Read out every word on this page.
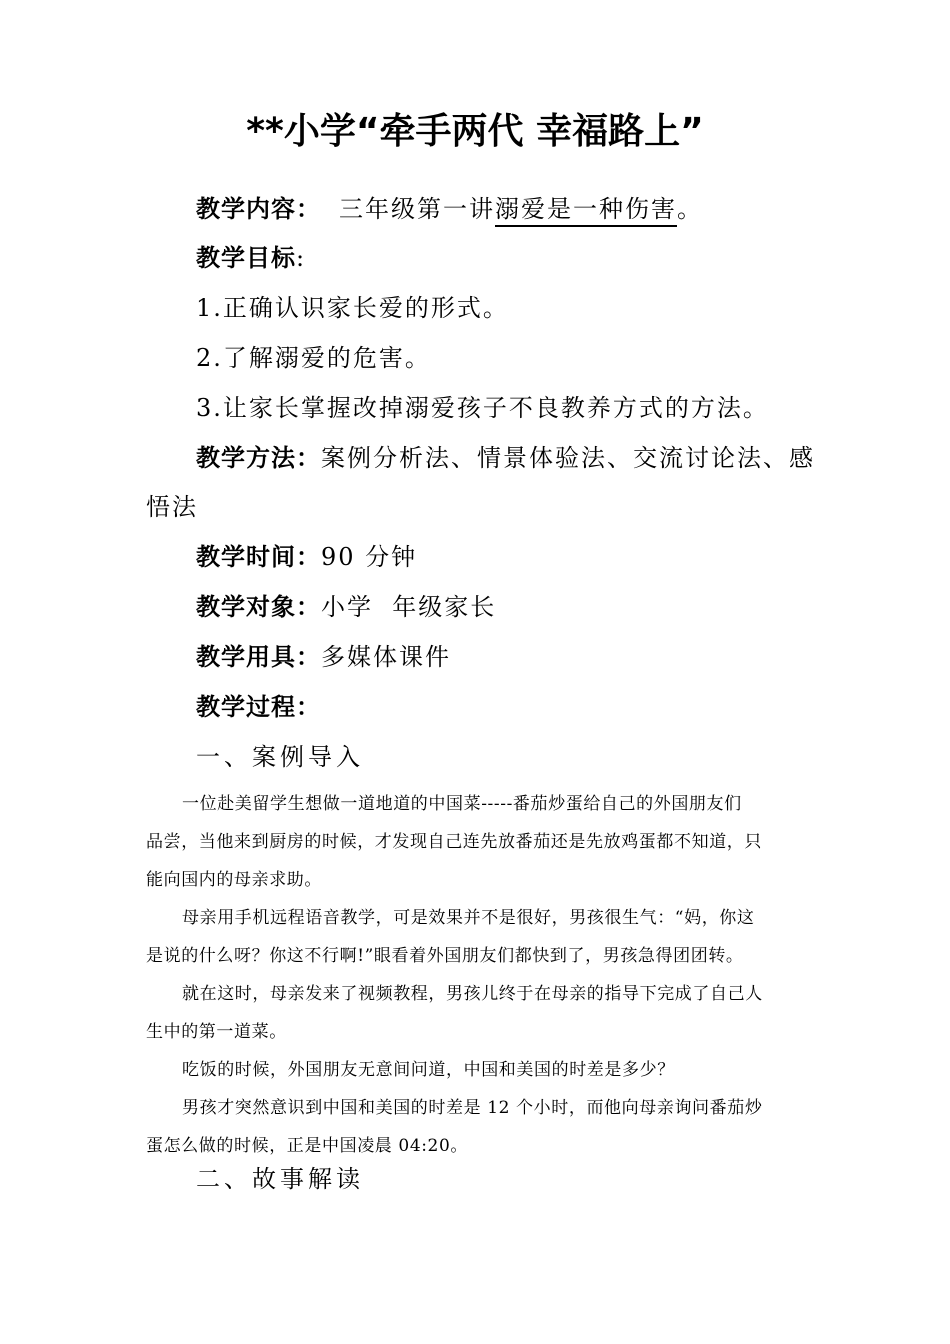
**小学“牵手两代 幸福路上”
教学内容： 三年级第一讲溺爱是一种伤害。
教学目标:
1.正确认识家长爱的形式。
2.了解溺爱的危害。
3.让家长掌握改掉溺爱孩子不良教养方式的方法。
教学方法：案例分析法、情景体验法、交流讨论法、感
悟法
教学时间：90 分钟
教学对象：小学  年级家长
教学用具：多媒体课件
教学过程：
一、案例导入
一位赴美留学生想做一道地道的中国菜-----番茄炒蛋给自己的外国朋友们
品尝，当他来到厨房的时候，才发现自己连先放番茄还是先放鸡蛋都不知道，只
能向国内的母亲求助。
母亲用手机远程语音教学，可是效果并不是很好，男孩很生气：“妈，你这
是说的什么呀？你这不行啊!”眼看着外国朋友们都快到了，男孩急得团团转。
就在这时，母亲发来了视频教程，男孩儿终于在母亲的指导下完成了自己人
生中的第一道菜。
吃饭的时候，外国朋友无意间问道，中国和美国的时差是多少？
男孩才突然意识到中国和美国的时差是 12 个小时，而他向母亲询问番茄炒
蛋怎么做的时候，正是中国凌晨 04:20。
二、故事解读
